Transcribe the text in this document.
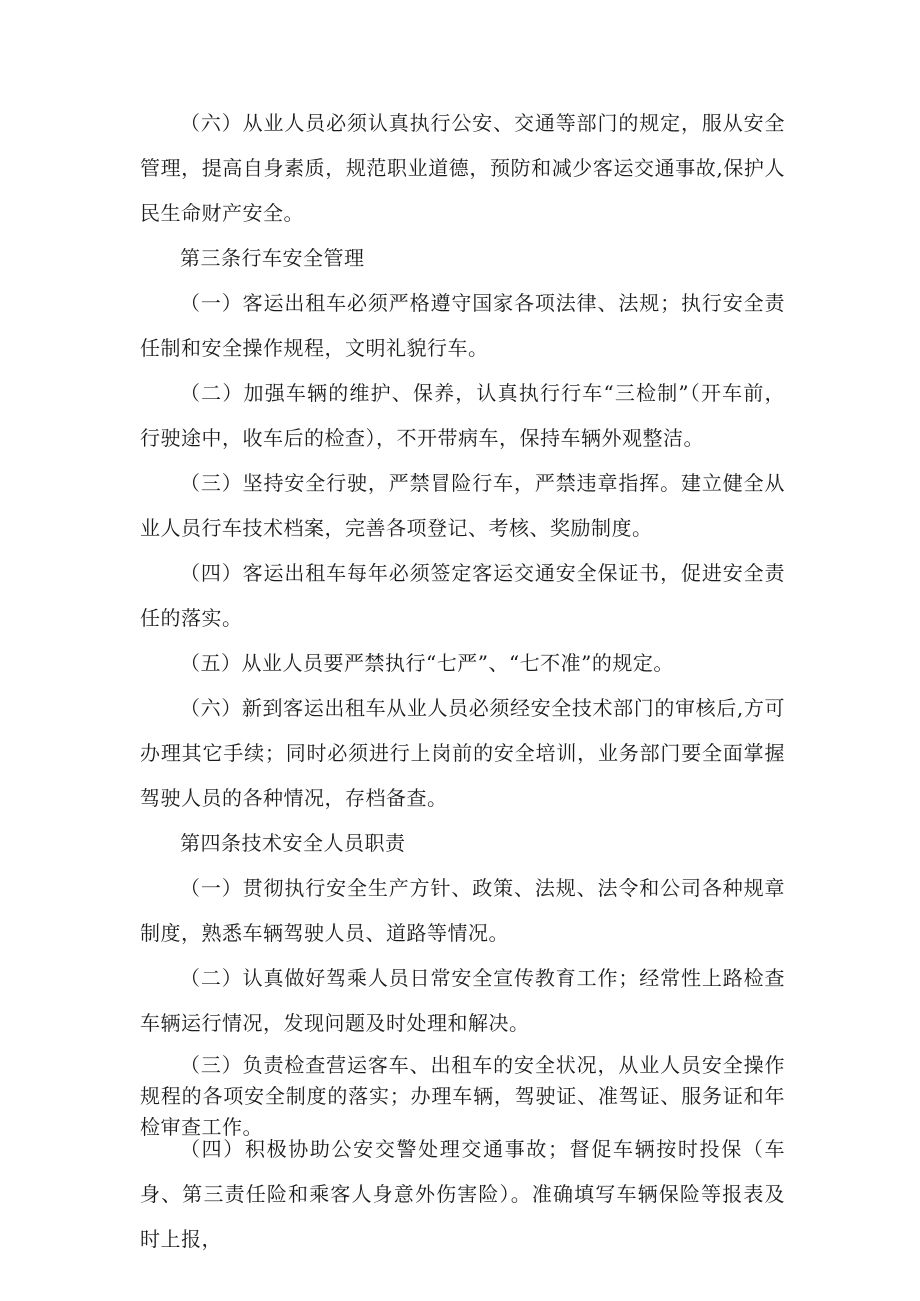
（六）从业人员必须认真执行公安、交通等部门的规定，服从安全管理，提高自身素质，规范职业道德，预防和减少客运交通事故,保护人民生命财产安全。

第三条行车安全管理

（一）客运出租车必须严格遵守国家各项法律、法规；执行安全责任制和安全操作规程，文明礼貌行车。

（二）加强车辆的维护、保养，认真执行行车“三检制”（开车前，行驶途中，收车后的检查），不开带病车，保持车辆外观整洁。

（三）坚持安全行驶，严禁冒险行车，严禁违章指挥。建立健全从业人员行车技术档案，完善各项登记、考核、奖励制度。

（四）客运出租车每年必须签定客运交通安全保证书，促进安全责任的落实。

（五）从业人员要严禁执行“七严”、“七不准”的规定。

（六）新到客运出租车从业人员必须经安全技术部门的审核后,方可办理其它手续；同时必须进行上岗前的安全培训，业务部门要全面掌握驾驶人员的各种情况，存档备查。

第四条技术安全人员职责

（一）贯彻执行安全生产方针、政策、法规、法令和公司各种规章制度，熟悉车辆驾驶人员、道路等情况。

（二）认真做好驾乘人员日常安全宣传教育工作；经常性上路检查车辆运行情况，发现问题及时处理和解决。

（三）负责检查营运客车、出租车的安全状况，从业人员安全操作规程的各项安全制度的落实；办理车辆，驾驶证、准驾证、服务证和年检审查工作。

（四）积极协助公安交警处理交通事故；督促车辆按时投保（车身、第三责任险和乘客人身意外伤害险）。准确填写车辆保险等报表及时上报，
